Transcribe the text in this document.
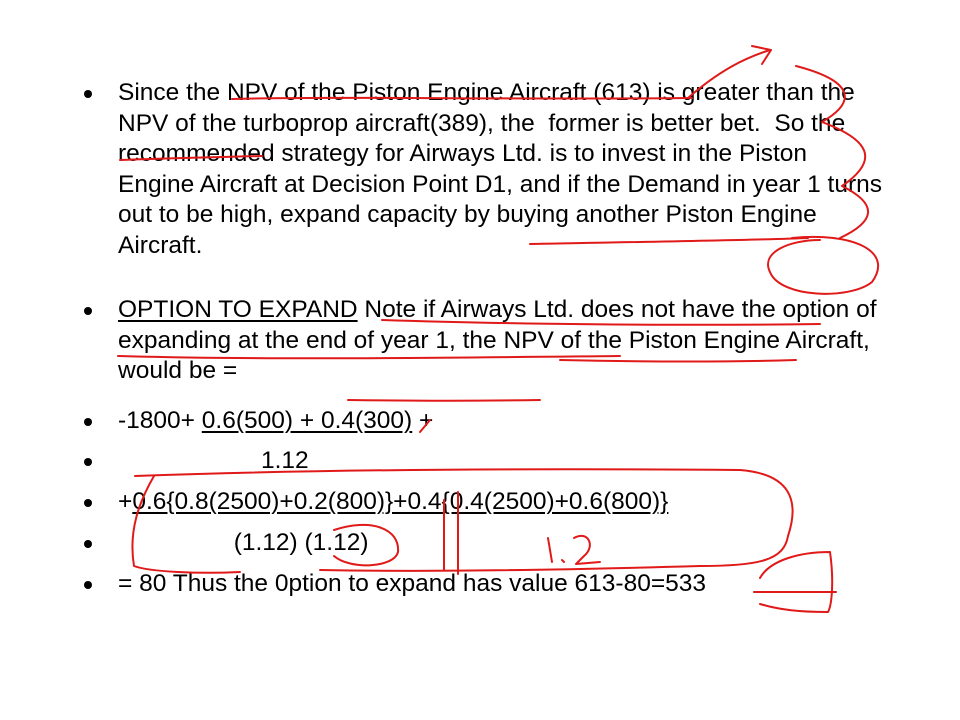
Since the NPV of the Piston Engine Aircraft (613) is greater than the NPV of the turboprop aircraft(389), the  former is better bet.  So the recommended strategy for Airways Ltd. is to invest in the Piston Engine Aircraft at Decision Point D1, and if the Demand in year 1 turns out to be high, expand capacity by buying another Piston Engine Aircraft.
OPTION TO EXPAND Note if Airways Ltd. does not have the option of expanding at the end of year 1, the NPV of the Piston Engine Aircraft, would be =
-1800+ 0.6(500) + 0.4(300) +
1.12
+0.6{0.8(2500)+0.2(800)}+0.4{0.4(2500)+0.6(800)}
(1.12) (1.12)
= 80 Thus the 0ption to expand has value 613-80=533
